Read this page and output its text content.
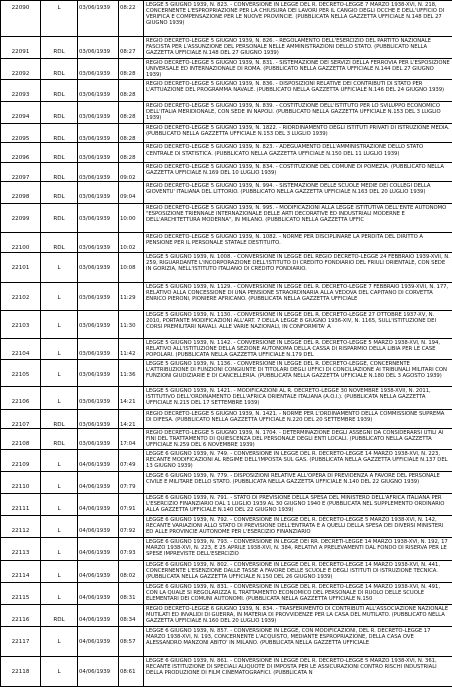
22090	L	03/06/1939	08:22	LEGGE 5 GIUGNO 1939, N. 823. - CONVERSIONE IN LEGGE DEL R. DECRETO-LEGGE 7 MARZO 1938-XVI, N. 218, CONCERNENTE L'ESPROPRIAZIONE PER LA CHIUSURA DEI LAVORI PER IL CANGIO DEGLI OCCHE E DELL'UFFICIO DI VERIFICA E COMPENSAZIONE PER LE NUOVE PROVINCIE. (PUBBLICATA NELLA GAZZETTA UFFICIALE N.148 DEL 27 GIUGNO 1939)
22091	RDL	03/06/1939	08:27	REGIO DECRETO-LEGGE 5 GIUGNO 1939, N. 826. - REGOLAMENTO DELL'ESERCIZIO DEL PARTITO NAZIONALE FASCISTA PER L'ASSUNZIONE DEL PERSONALE NELLE AMMINISTRAZIONI DELLO STATO. (PUBBLICATO NELLA GAZZETTA UFFICIALE N.148 DEL 27 GIUGNO 1939)
22092	RDL	03/06/1939	08:28	REGIO DECRETO-LEGGE 5 GIUGNO 1939, N. 831. - SISTEMAZIONE DEI SERVIZI DELLA FERROVIA PER L'ESPOSIZIONE UNIVERSALE ED INTERNAZIONALE DI ROMA. (PUBBLICATO NELLA GAZZETTA UFFICIALE N.144 DEL 27 GIUGNO 1939)
22093	RDL	03/06/1939	08:28	REGIO DECRETO-LEGGE 5 GIUGNO 1939, N. 836. - DISPOSIZIONI RELATIVE DEI CONTRIBUTI DI STATO PER L'ATTUAZIONE DEL PROGRAMMA NAVALE. (PUBBLICATO NELLA GAZZETTA UFFICIALE N.146 DEL 24 GIUGNO 1939)
22094	RDL	03/06/1939	08:28	REGIO DECRETO-LEGGE 5 GIUGNO 1939, N. 839. - COSTITUZIONE DELL'ISTITUTO PER LO SVILUPPO ECONOMICO DELL'ITALIA MERIDIONALE, CON SEDE IN NAPOLI. (PUBBLICATO NELLA GAZZETTA UFFICIALE N.153 DEL 3 LUGLIO 1939)
22095	RDL	03/06/1939	08:28	REGIO DECRETO-LEGGE 5 GIUGNO 1939, N. 1822. - RIORDINAMENTO DEGLI ISTITUTI PRIVATI DI ISTRUZIONE MEDIA. (PUBBLICATO NELLA GAZZETTA UFFICIALE N.153 DEL 3 LUGLIO 1939)
22096	RDL	03/06/1939	08:28	REGIO DECRETO-LEGGE 5 GIUGNO 1939, N. 823. - ADEGUAMENTO DELL'AMMINISTRAZIONE DELLO STATO CENTRALE DI STATISTICA. (PUBBLICATO NELLA GAZZETTA UFFICIALE N.150 DEL 11 LUGLIO 1939)
22097	RDL	03/06/1939	09:02	REGIO DECRETO-LEGGE 5 GIUGNO 1939, N. 834. - COSTITUZIONE DEL COMUNE DI POMEZIA. (PUBBLICATO NELLA GAZZETTA UFFICIALE N.169 DEL 10 LUGLIO 1939)
22098	RDL	03/06/1939	09:04	REGIO DECRETO-LEGGE 5 GIUGNO 1939, N. 994. - SISTEMAZIONE DELLE SCUOLE MEDIE DEI COLLEGI DELLA GIOVENTU' ITALIANA DEL LITTORIO. (PUBBLICATO NELLA GAZZETTA UFFICIALE N.163 DEL 20 LUGLIO 1939)
22099	RDL	03/06/1939	10:00	REGIO DECRETO-LEGGE 5 GIUGNO 1939, N. 995. - MODIFICAZIONI ALLA LEGGE ISTITUTIVA DELL'ENTE AUTONOMO "ESPOSIZIONE TRIENNALE INTERNAZIONALE DELLE ARTI DECORATIVE ED INDUSTRIALI MODERNE E DELL'ARCHITETTURA MODERNA", IN MILANO. (PUBBLICATO NELLA GAZZETTA UFFIC
22100	RDL	03/06/1939	10:02	REGIO DECRETO-LEGGE 5 GIUGNO 1939, N. 1082. - NORME PER DISCIPLINARE LA PERDITA DEL DIRITTO A PENSIONE PER IL PERSONALE STATALE DESTITUITO.
22101	L	03/06/1939	10:08	LEGGE 5 GIUGNO 1939, N. 1008. - CONVERSIONE IN LEGGE DEL REGIO DECRETO-LEGGE 24 FEBBRAIO 1939-XVII, N. 259, RIGUARDANTE L'INCORPORAZIONE DELL'ISTITUTO DI CREDITO FONDIARIO DEL FRIULI ORIENTALE, CON SEDE IN GORIZIA, NELL'ISTITUTO ITALIANO DI CREDITO FONDIARIO.
22102	L	03/06/1939	11:29	LEGGE 5 GIUGNO 1939, N. 1129. - CONVERSIONE IN LEGGE DEL R. DECRETO-LEGGE 7 FEBBRAIO 1939-XVII, N. 177, RELATIVO ALLA CONCESSIONE DI UNA PENSIONE STRAORDINARIA ALLA VEDOVA DEL CAPITANO DI CORVETTA ENRICO PIERONI, PIONIERE AFRICANO. (PUBBLICATA NELLA GAZZETTA UFFICIALE
22103	L	03/06/1939	11:30	LEGGE 5 GIUGNO 1939, N. 1130. - CONVERSIONE IN LEGGE DEL R. DECRETO-LEGGE 27 OTTOBRE 1937-XV, N. 2010, PORTANTE MODIFICAZIONI ALL'ART. 7 DELLA LEGGE 8 GIUGNO 1936-XIV, N. 1165, SULL'ISTITUZIONE DEI CORSI PREMILITARI NAVALI. ALLE VARIE NAZIONALI, IN CONFORMITA' A
22104	L	03/06/1939	11:42	LEGGE 5 GIUGNO 1939, N. 1142. - CONVERSIONE IN LEGGE DEL R. DECRETO-LEGGE 5 MARZO 1938-XVI, N. 194, RELATIVO ALL'ISTITUZIONE DELLA SEZIONE AUTONOMA DELLA CASSA DI RISPARMIO DELLA LIBIA PER LE CASE POPOLARI. (PUBBLICATA NELLA GAZZETTA UFFICIALE N.179 DEL
22105	L	03/06/1939	11:36	LEGGE 5 GIUGNO 1939, N. 1136. - CONVERSIONE IN LEGGE DEL R. DECRETO-LEGGE, CONCERNENTE L'ATTRIBUZIONE DI FUNZIONI CONGIUNTE DI TITOLARI DEGLI UFFICI DI CONCILIAZIONE AI TRIBUNALI MILITARI CON FUNZIONI GIUDIZIARIE E DI CANCELLERIA. (PUBBLICATA NELLA GAZZETTA UFFICIALE N.180 DEL 3 AGOSTO 1939)
22106	L	03/06/1939	14:21	LEGGE 5 GIUGNO 1939, N. 1421. - MODIFICAZIONI AL R. DECRETO-LEGGE 30 NOVEMBRE 1938-XVII, N. 2011, ISTITUTIVO DELL'ORDINAMENTO DELL'AFRICA ORIENTALE ITALIANA (A.O.I.). (PUBBLICATA NELLA GAZZETTA UFFICIALE N.215 DEL 17 SETTEMBRE 1939)
22107	RDL	03/06/1939	14:21	REGIO DECRETO-LEGGE 5 GIUGNO 1939, N. 1421. - NORME PER L'ORDINAMENTO DELLA COMMISSIONE SUPREMA DI DIFESA. (PUBBLICATO NELLA GAZZETTA UFFICIALE N.220 DEL 20 SETTEMBRE 1939)
22108	RDL	03/06/1939	17:04	REGIO DECRETO-LEGGE 5 GIUGNO 1939, N. 1704. - DETERMINAZIONE DEGLI ASSEGNI DA CONSIDERARSI UTILI AI FINI DEL TRATTAMENTO DI QUIESCENZA DEL PERSONALE DEGLI ENTI LOCALI. (PUBBLICATO NELLA GAZZETTA UFFICIALE N.259 DEL 6 NOVEMBRE 1939)
22109	L	04/06/1939	07:49	LEGGE 6 GIUGNO 1939, N. 749. - CONVERSIONE IN LEGGE DEL R. DECRETO-LEGGE 14 MARZO 1938-XVI, N. 223, RECANTE MODIFICAZIONI AL REGIME DELL'IMPOSTA SUL GAS. (PUBBLICATA NELLA GAZZETTA UFFICIALE N.137 DEL 13 GIUGNO 1939)
22110	L	04/06/1939	07:79	LEGGE 6 GIUGNO 1939, N. 779. - DISPOSIZIONI RELATIVE ALL'OPERA DI PREVIDENZA A FAVORE DEL PERSONALE CIVILE E MILITARE DELLO STATO. (PUBBLICATA NELLA GAZZETTA UFFICIALE N.140 DEL 22 GIUGNO 1939)
22111	L	04/06/1939	07:91	LEGGE 6 GIUGNO 1939, N. 791. - STATO DI PREVISIONE DELLA SPESA DEL MINISTERO DELL'AFRICA ITALIANA PER L'ESERCIZIO FINANZIARIO DAL 1 LUGLIO 1939 AL 30 GIUGNO 1940 E (PUBBLICATA NEL SUPPLEMENTO ORDINARIO ALLA GAZZETTA UFFICIALE N.140 DEL 22 GIUGNO 1939)
22112	L	04/06/1939	07:92	LEGGE 6 GIUGNO 1939, N. 792. - CONVERSIONE IN LEGGE DEL R. DECRETO-LEGGE 5 MARZO 1938-XVI, N. 142, RECANTE VARIAZIONI ALLO STATO DI PREVISIONE DELL'ENTRATA E A QUELLI DELLA SPESA DEI DIVERSI MINISTERI ED ALLE PROVINCIE AUTONOME PER L'ESERCIZIO FINANZIARIO
22113	L	04/06/1939	07:93	LEGGE 6 GIUGNO 1939, N. 793. - CONVERSIONE IN LEGGE DEI RR. DECRETI-LEGGE 14 MARZO 1938-XVI, N. 192, 17 MARZO 1938-XVI, N. 223, E 25 APRILE 1938-XVI, N. 384, RELATIVI A PRELEVAMENTI DAL FONDO DI RISERVA PER LE SPESE IMPREVISTE DELL'ESERCIZIO
22114	L	04/06/1939	08:02	LEGGE 6 GIUGNO 1939, N. 802. - CONVERSIONE IN LEGGE DEL R. DECRETO-LEGGE 14 MARZO 1938-XVI, N. 441, CONCERNENTE L'ESENZIONE DALLE TASSE A FAVORE DELLE SCUOLE E DEGLI ISTITUTI DI ISTRUZIONE TECNICA. (PUBBLICATA NELLA GAZZETTA UFFICIALE N.150 DEL 26 GIUGNO 1939)
22115	L	04/06/1939	08:31	LEGGE 6 GIUGNO 1939, N. 831. - CONVERSIONE IN LEGGE DEL R. DECRETO-LEGGE 14 MARZO 1938-XVI, N. 491, CON LA QUALE SI REGOLARIZZA IL TRATTAMENTO ECONOMICO DEL PERSONALE DI RUOLO DELLE SCUOLE ELEMENTARI DEI COMUNI AUTONOMI. (PUBBLICATA NELLA GAZZETTA UFFICIALE N.150
22116	RDL	04/06/1939	08:34	REGIO DECRETO-LEGGE 6 GIUGNO 1939, N. 834. - TRASFERIMENTO DI CONTRIBUTI ALL'ASSOCIAZIONE NAZIONALE MUTILATI ED INVALIDI DI GUERRA, IN MATERIA DI PROVVIDENZE PER LA CASA DEL MUTILATO. (PUBBLICATO NELLA GAZZETTA UFFICIALE N.160 DEL 20 LUGLIO 1939)
22117	L	04/06/1939	08:57	LEGGE 6 GIUGNO 1939, N. 857. - CONVERSIONE IN LEGGE, CON MODIFICAZIONI, DEL R. DECRETO-LEGGE 17 MARZO 1938-XVI, N. 193, CONCERNENTE L'ACQUISTO, MEDIANTE ESPROPRIAZIONE, DELLA CASA OVE ALESSANDRO MANZONI ABITO' IN MILANO. (PUBBLICATA NELLA GAZZETTA UFFICIALE
22118	L	04/06/1939	08:61	LEGGE 6 GIUGNO 1939, N. 861. - CONVERSIONE IN LEGGE DEL R. DECRETO-LEGGE 5 MARZO 1938-XVI, N. 361, RECANTE ISTITUZIONE DI SPECIALI ALIQUOTE DI IMPOSTA PER LE ASSICURAZIONI CONTRO RISCHI INDUSTRIALI DELLA PRODUZIONE DI FILM CINEMATOGRAFICI. (PUBBLICATA N
